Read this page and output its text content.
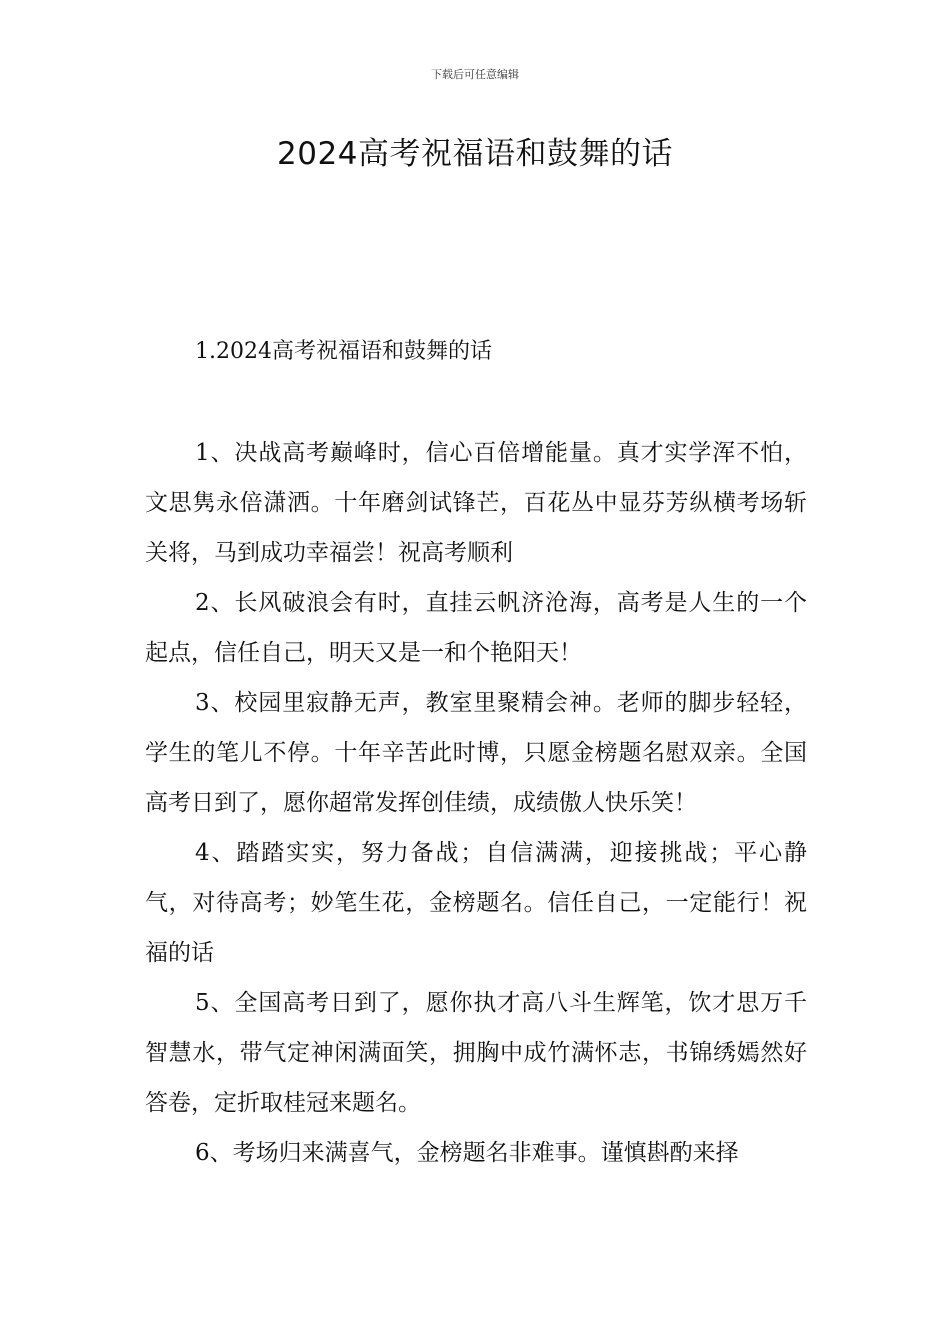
下载后可任意编辑
2024高考祝福语和鼓舞的话
1.2024高考祝福语和鼓舞的话

1、决战高考巅峰时，信心百倍增能量。真才实学浑不怕，文思隽永倍潇洒。十年磨剑试锋芒，百花丛中显芬芳纵横考场斩关将，马到成功幸福尝！祝高考顺利

2、长风破浪会有时，直挂云帆济沧海，高考是人生的一个起点，信任自己，明天又是一和个艳阳天！

3、校园里寂静无声，教室里聚精会神。老师的脚步轻轻，学生的笔儿不停。十年辛苦此时博，只愿金榜题名慰双亲。全国高考日到了，愿你超常发挥创佳绩，成绩傲人快乐笑！

4、踏踏实实，努力备战；自信满满，迎接挑战；平心静气，对待高考；妙笔生花，金榜题名。信任自己，一定能行！祝福的话

5、全国高考日到了，愿你执才高八斗生辉笔，饮才思万千智慧水，带气定神闲满面笑，拥胸中成竹满怀志，书锦绣嫣然好答卷，定折取桂冠来题名。

6、考场归来满喜气，金榜题名非难事。谨慎斟酌来择
